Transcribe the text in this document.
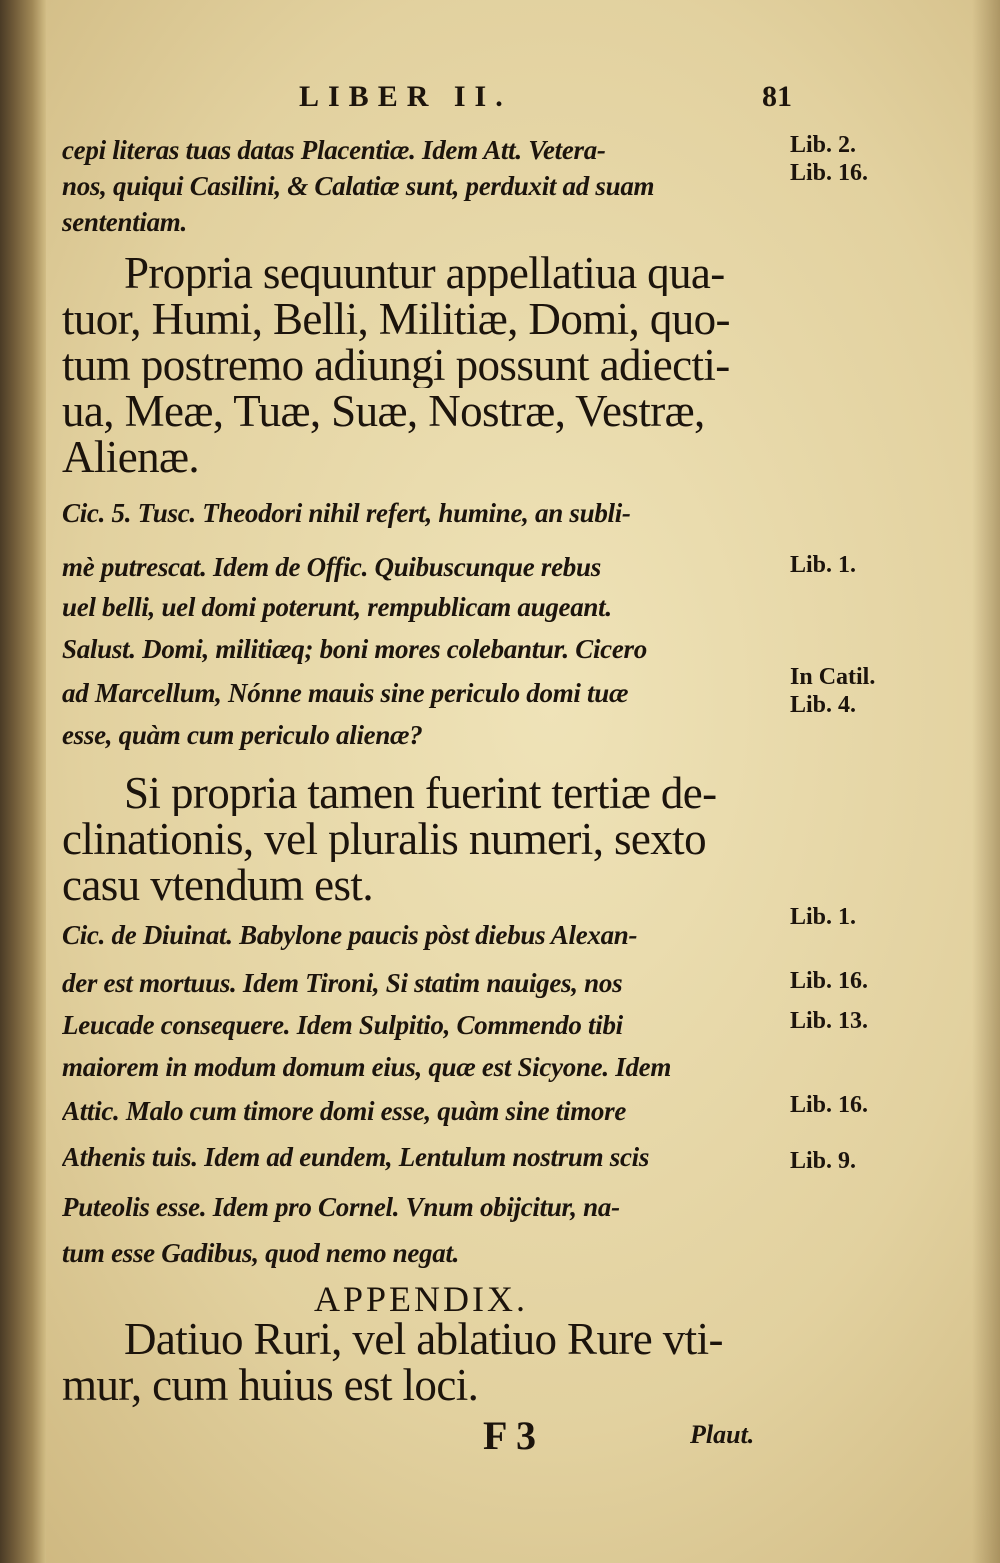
LIBER II.	81
cepi literas tuas datas Placentiæ. Idem Att. Vetera-
nos, quiqui Casilini, & Calatiæ sunt, perduxit ad suam
sententiam.
Propria sequuntur appellatiua qua-
tuor, Humi, Belli, Militiæ, Domi, quo-
tum postremo adiungi possunt adiecti-
ua, Meæ, Tuæ, Suæ, Nostræ, Vestræ,
Alienæ.
Cic. 5. Tusc. Theodori nihil refert, humine, an subli-
mè putrescat. Idem de Offic. Quibuscunque rebus
uel belli, uel domi poterunt, rempublicam augeant.
Salust. Domi, militiæq; boni mores colebantur. Cicero
ad Marcellum, Nónne mauis sine periculo domi tuæ
esse, quàm cum periculo alienæ?
Si propria tamen fuerint tertiæ de-
clinationis, vel pluralis numeri, sexto
casu vtendum est.
Cic. de Diuinat. Babylone paucis pòst diebus Alexan-
der est mortuus. Idem Tironi, Si statim nauiges, nos
Leucade consequere. Idem Sulpitio, Commendo tibi
maiorem in modum domum eius, quæ est Sicyone. Idem
Attic. Malo cum timore domi esse, quàm sine timore
Athenis tuis. Idem ad eundem, Lentulum nostrum scis
Puteolis esse. Idem pro Cornel. Vnum obijcitur, na-
tum esse Gadibus, quod nemo negat.
Datiuo Ruri, vel ablatiuo Rure vti-
mur, cum huius est loci.
APPENDIX.
Lib. 2.
Lib. 16.
Lib. 1.
In Catil.
Lib. 4.
Lib. 1.
Lib. 16.
Lib. 13.
Lib. 16.
Lib. 9.
F 3	Plaut.
